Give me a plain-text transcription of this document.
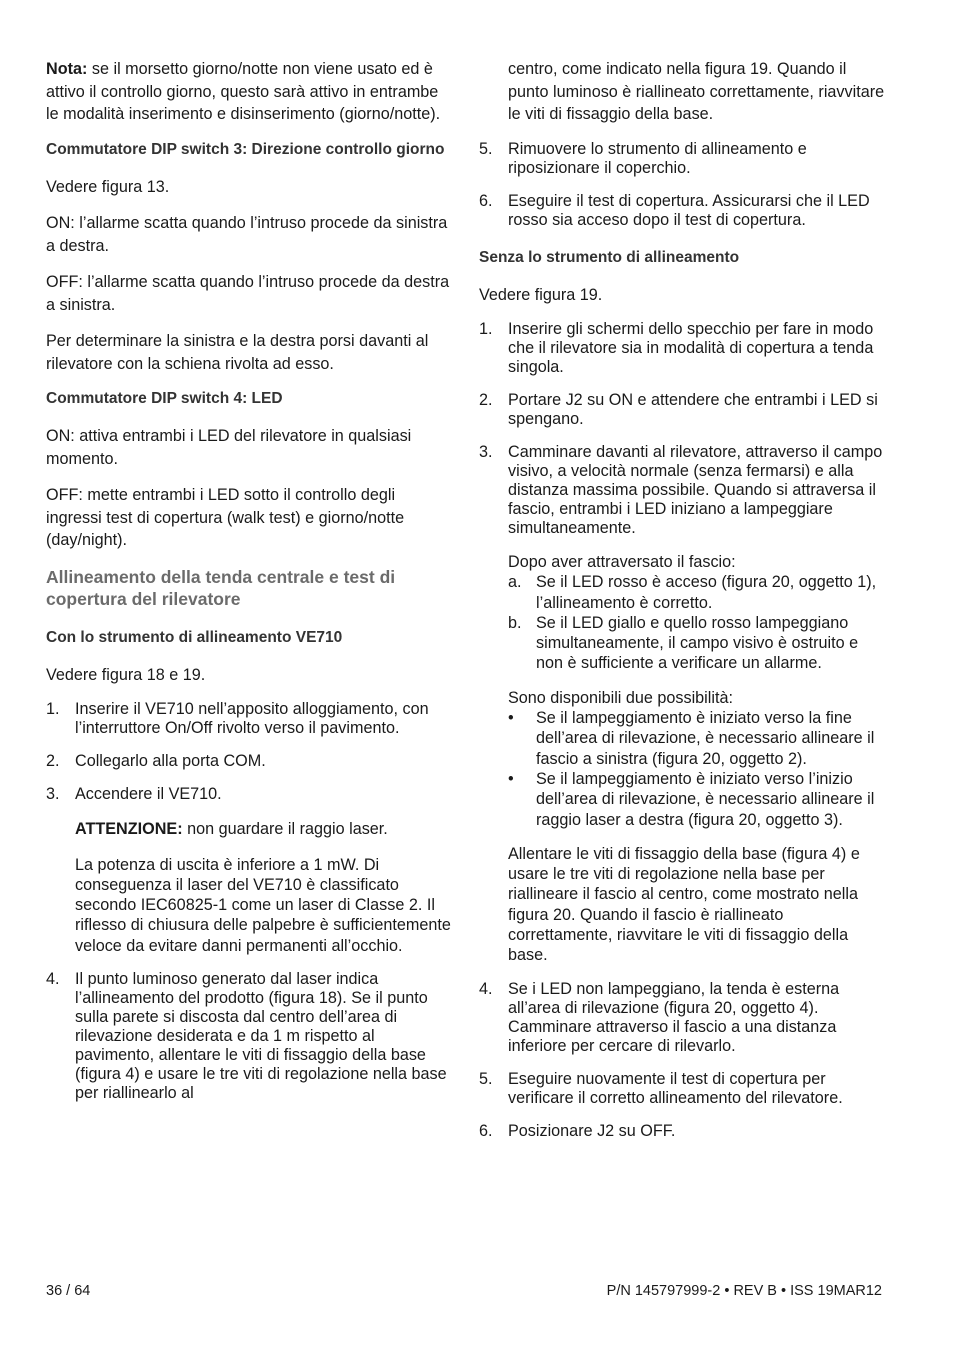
Nota: se il morsetto giorno/notte non viene usato ed è attivo il controllo giorno, questo sarà attivo in entrambe le modalità inserimento e disinserimento (giorno/notte).

Commutatore DIP switch 3: Direzione controllo giorno

Vedere figura 13.

ON: l’allarme scatta quando l’intruso procede da sinistra a destra.

OFF: l’allarme scatta quando l’intruso procede da destra a sinistra.

Per determinare la sinistra e la destra porsi davanti al rilevatore con la schiena rivolta ad esso.

Commutatore DIP switch 4: LED

ON: attiva entrambi i LED del rilevatore in qualsiasi momento.

OFF: mette entrambi i LED sotto il controllo degli ingressi test di copertura (walk test) e giorno/notte (day/night).

Allineamento della tenda centrale e test di copertura del rilevatore

Con lo strumento di allineamento VE710

Vedere figura 18 e 19.

1. Inserire il VE710 nell’apposito alloggiamento, con l’interruttore On/Off rivolto verso il pavimento.
2. Collegarlo alla porta COM.
3. Accendere il VE710.

ATTENZIONE: non guardare il raggio laser.

La potenza di uscita è inferiore a 1 mW. Di conseguenza il laser del VE710 è classificato secondo IEC60825-1 come un laser di Classe 2. Il riflesso di chiusura delle palpebre è sufficientemente veloce da evitare danni permanenti all’occhio.

4. Il punto luminoso generato dal laser indica l’allineamento del prodotto (figura 18). Se il punto sulla parete si discosta dal centro dell’area di rilevazione desiderata e da 1 m rispetto al pavimento, allentare le viti di fissaggio della base (figura 4) e usare le tre viti di regolazione nella base per riallinearlo al

centro, come indicato nella figura 19. Quando il punto luminoso è riallineato correttamente, riavvitare le viti di fissaggio della base.

5. Rimuovere lo strumento di allineamento e riposizionare il coperchio.
6. Eseguire il test di copertura. Assicurarsi che il LED rosso sia acceso dopo il test di copertura.

Senza lo strumento di allineamento

Vedere figura 19.

1. Inserire gli schermi dello specchio per fare in modo che il rilevatore sia in modalità di copertura a tenda singola.
2. Portare J2 su ON e attendere che entrambi i LED si spengano.
3. Camminare davanti al rilevatore, attraverso il campo visivo, a velocità normale (senza fermarsi) e alla distanza massima possibile. Quando si attraversa il fascio, entrambi i LED iniziano a lampeggiare simultaneamente.

Dopo aver attraversato il fascio:

a. Se il LED rosso è acceso (figura 20, oggetto 1), l’allineamento è corretto.
b. Se il LED giallo e quello rosso lampeggiano simultaneamente, il campo visivo è ostruito e non è sufficiente a verificare un allarme.

Sono disponibili due possibilità:

•	Se il lampeggiamento è iniziato verso la fine dell’area di rilevazione, è necessario allineare il fascio a sinistra (figura 20, oggetto 2).
•	Se il lampeggiamento è iniziato verso l’inizio dell’area di rilevazione, è necessario allineare il raggio laser a destra (figura 20, oggetto 3).

Allentare le viti di fissaggio della base (figura 4) e usare le tre viti di regolazione nella base per riallineare il fascio al centro, come mostrato nella figura 20. Quando il fascio è riallineato correttamente, riavvitare le viti di fissaggio della base.

4. Se i LED non lampeggiano, la tenda è esterna all’area di rilevazione (figura 20, oggetto 4). Camminare attraverso il fascio a una distanza inferiore per cercare di rilevarlo.
5. Eseguire nuovamente il test di copertura per verificare il corretto allineamento del rilevatore.
6. Posizionare J2 su OFF.
36 / 64	P/N 145797999-2 • REV B • ISS 19MAR12
